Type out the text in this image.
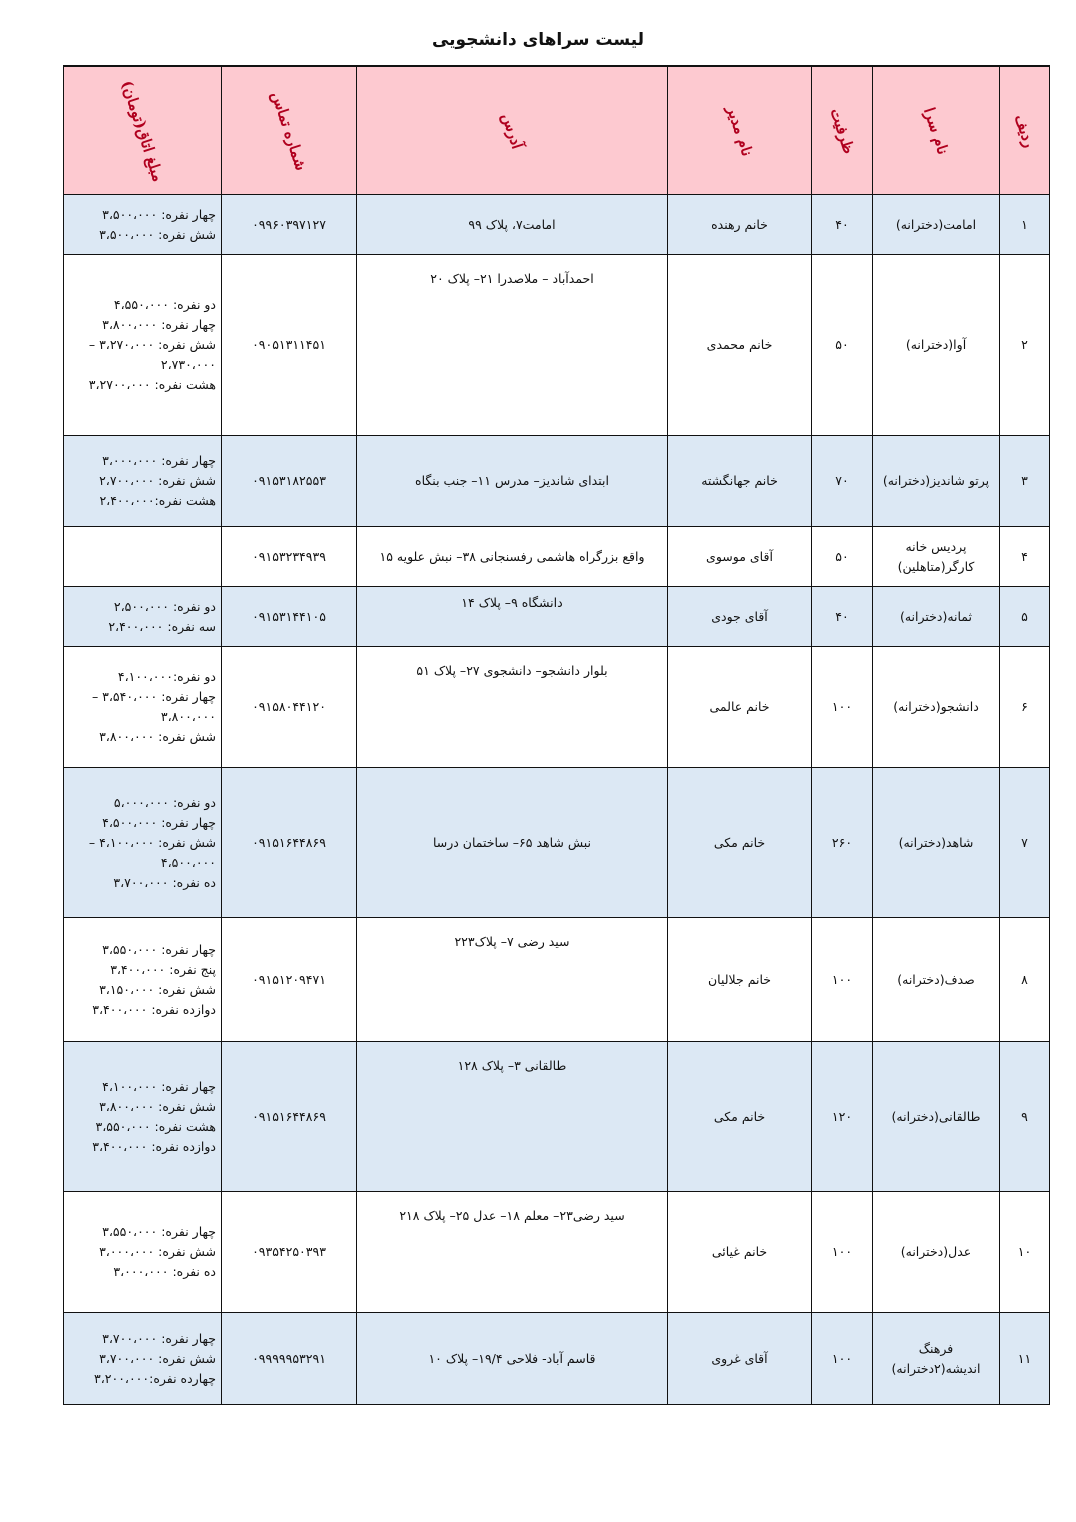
لیست سراهای دانشجویی
ردیف	نام سرا	ظرفیت	نام مدیر	آدرس	شماره تماس	مبلغ اتاق(تومان)
۱	امامت(دخترانه)	۴۰	خانم رهنده	امامت۷، پلاک ۹۹	۰۹۹۶۰۳۹۷۱۲۷	چهار نفره: ۳،۵۰۰،۰۰۰
شش نفره: ۳،۵۰۰،۰۰۰

۲	آوا(دخترانه)	۵۰	خانم محمدی	احمدآباد – ملاصدرا ۲۱– پلاک ۲۰	۰۹۰۵۱۳۱۱۴۵۱	دو نفره: ۴،۵۵۰،۰۰۰
چهار نفره: ۳،۸۰۰،۰۰۰
شش نفره: ۳،۲۷۰،۰۰۰ –
۲،۷۳۰،۰۰۰
هشت نفره: ۳،۲۷۰۰،۰۰۰

۳	پرتو شاندیز(دخترانه)	۷۰	خانم جهانگشته	ابتدای شاندیز– مدرس ۱۱– جنب بنگاه	۰۹۱۵۳۱۸۲۵۵۳	چهار نفره: ۳،۰۰۰،۰۰۰
شش نفره: ۲،۷۰۰،۰۰۰
هشت نفره:۲،۴۰۰،۰۰۰

۴	پردیس خانه کارگر(متاهلین)	۵۰	آقای موسوی	واقع بزرگراه هاشمی رفسنجانی ۳۸– نبش علویه ۱۵	۰۹۱۵۳۲۳۴۹۳۹	
۵	ثمانه(دخترانه)	۴۰	آقای جودی	دانشگاه ۹– پلاک ۱۴	۰۹۱۵۳۱۴۴۱۰۵	دو نفره: ۲،۵۰۰،۰۰۰
سه نفره: ۲،۴۰۰،۰۰۰

۶	دانشجو(دخترانه)	۱۰۰	خانم عالمی	بلوار دانشجو– دانشجوی ۲۷– پلاک ۵۱	۰۹۱۵۸۰۴۴۱۲۰	دو نفره:۴،۱۰۰،۰۰۰
چهار نفره: ۳،۵۴۰،۰۰۰ –
۳،۸۰۰،۰۰۰
شش نفره: ۳،۸۰۰،۰۰۰

۷	شاهد(دخترانه)	۲۶۰	خانم مکی	نبش شاهد ۶۵– ساختمان درسا	۰۹۱۵۱۶۴۴۸۶۹	دو نفره: ۵،۰۰۰،۰۰۰
چهار نفره: ۴،۵۰۰،۰۰۰
شش نفره: ۴،۱۰۰،۰۰۰ –
۴،۵۰۰،۰۰۰
ده نفره: ۳،۷۰۰،۰۰۰

۸	صدف(دخترانه)	۱۰۰	خانم جلالیان	سید رضی ۷– پلاک۲۲۳	۰۹۱۵۱۲۰۹۴۷۱	چهار نفره: ۳،۵۵۰،۰۰۰
پنج نفره: ۳،۴۰۰،۰۰۰
شش نفره: ۳،۱۵۰،۰۰۰
دوازده نفره: ۳،۴۰۰،۰۰۰

۹	طالقانی(دخترانه)	۱۲۰	خانم مکی	طالقانی ۳– پلاک ۱۲۸	۰۹۱۵۱۶۴۴۸۶۹	چهار نفره: ۴،۱۰۰،۰۰۰
شش نفره: ۳،۸۰۰،۰۰۰
هشت نفره: ۳،۵۵۰،۰۰۰
دوازده نفره: ۳،۴۰۰،۰۰۰

۱۰	عدل(دخترانه)	۱۰۰	خانم غیائی	سید رضی۲۳– معلم ۱۸– عدل ۲۵– پلاک ۲۱۸	۰۹۳۵۴۲۵۰۳۹۳	چهار نفره: ۳،۵۵۰،۰۰۰
شش نفره: ۳،۰۰۰،۰۰۰
ده نفره: ۳،۰۰۰،۰۰۰

۱۱	فرهنگ اندیشه(۲دخترانه)	۱۰۰	آقای غروی	قاسم آباد- فلاحی ۱۹/۴– پلاک ۱۰	۰۹۹۹۹۹۵۳۲۹۱	چهار نفره: ۳،۷۰۰،۰۰۰
شش نفره: ۳،۷۰۰،۰۰۰
چهارده نفره:۳،۲۰۰،۰۰۰
